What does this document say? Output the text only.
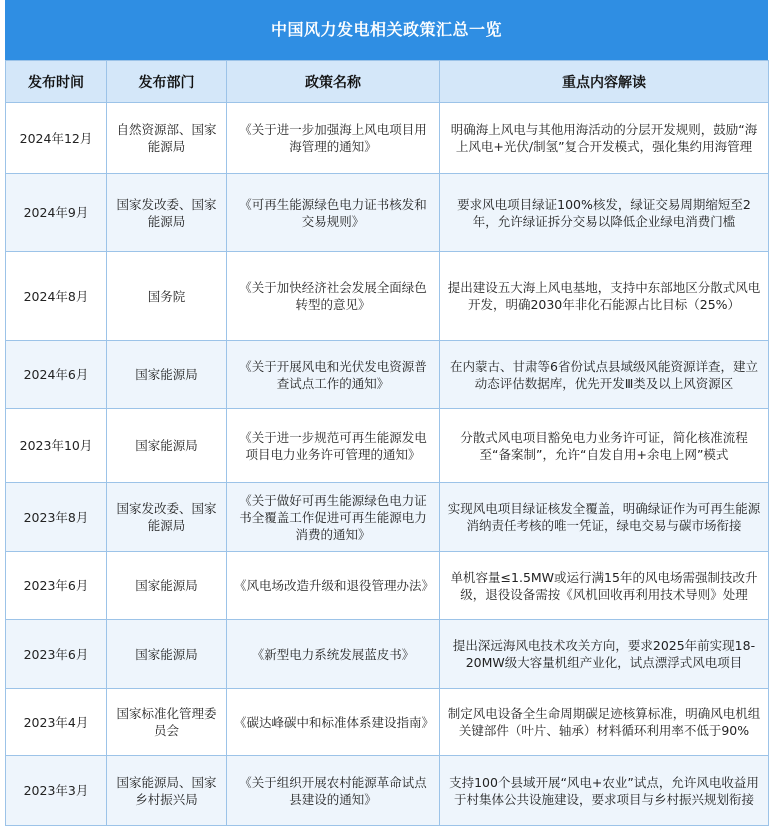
中国风力发电相关政策汇总一览
发布时间	发布部门	政策名称	重点内容解读
2024年12月	自然资源部、国家能源局	《关于进一步加强海上风电项目用海管理的通知》	明确海上风电与其他用海活动的分层开发规则，鼓励“海上风电+光伏/制氢”复合开发模式，强化集约用海管理
2024年9月	国家发改委、国家能源局	《可再生能源绿色电力证书核发和交易规则》	要求风电项目绿证100%核发，绿证交易周期缩短至2年，允许绿证拆分交易以降低企业绿电消费门槛
2024年8月	国务院	《关于加快经济社会发展全面绿色转型的意见》	提出建设五大海上风电基地，支持中东部地区分散式风电开发，明确2030年非化石能源占比目标（25%）
2024年6月	国家能源局	《关于开展风电和光伏发电资源普查试点工作的通知》	在内蒙古、甘肃等6省份试点县域级风能资源详查，建立动态评估数据库，优先开发Ⅲ类及以上风资源区
2023年10月	国家能源局	《关于进一步规范可再生能源发电项目电力业务许可管理的通知》	分散式风电项目豁免电力业务许可证，简化核准流程至“备案制”，允许“自发自用+余电上网”模式
2023年8月	国家发改委、国家能源局	《关于做好可再生能源绿色电力证书全覆盖工作促进可再生能源电力消费的通知》	实现风电项目绿证核发全覆盖，明确绿证作为可再生能源消纳责任考核的唯一凭证，绿电交易与碳市场衔接
2023年6月	国家能源局	《风电场改造升级和退役管理办法》	单机容量≤1.5MW或运行满15年的风电场需强制技改升级，退役设备需按《风机回收再利用技术导则》处理
2023年6月	国家能源局	《新型电力系统发展蓝皮书》	提出深远海风电技术攻关方向，要求2025年前实现18-20MW级大容量机组产业化，试点漂浮式风电项目
2023年4月	国家标准化管理委员会	《碳达峰碳中和标准体系建设指南》	制定风电设备全生命周期碳足迹核算标准，明确风电机组关键部件（叶片、轴承）材料循环利用率不低于90%
2023年3月	国家能源局、国家乡村振兴局	《关于组织开展农村能源革命试点县建设的通知》	支持100个县域开展“风电+农业”试点，允许风电收益用于村集体公共设施建设，要求项目与乡村振兴规划衔接
